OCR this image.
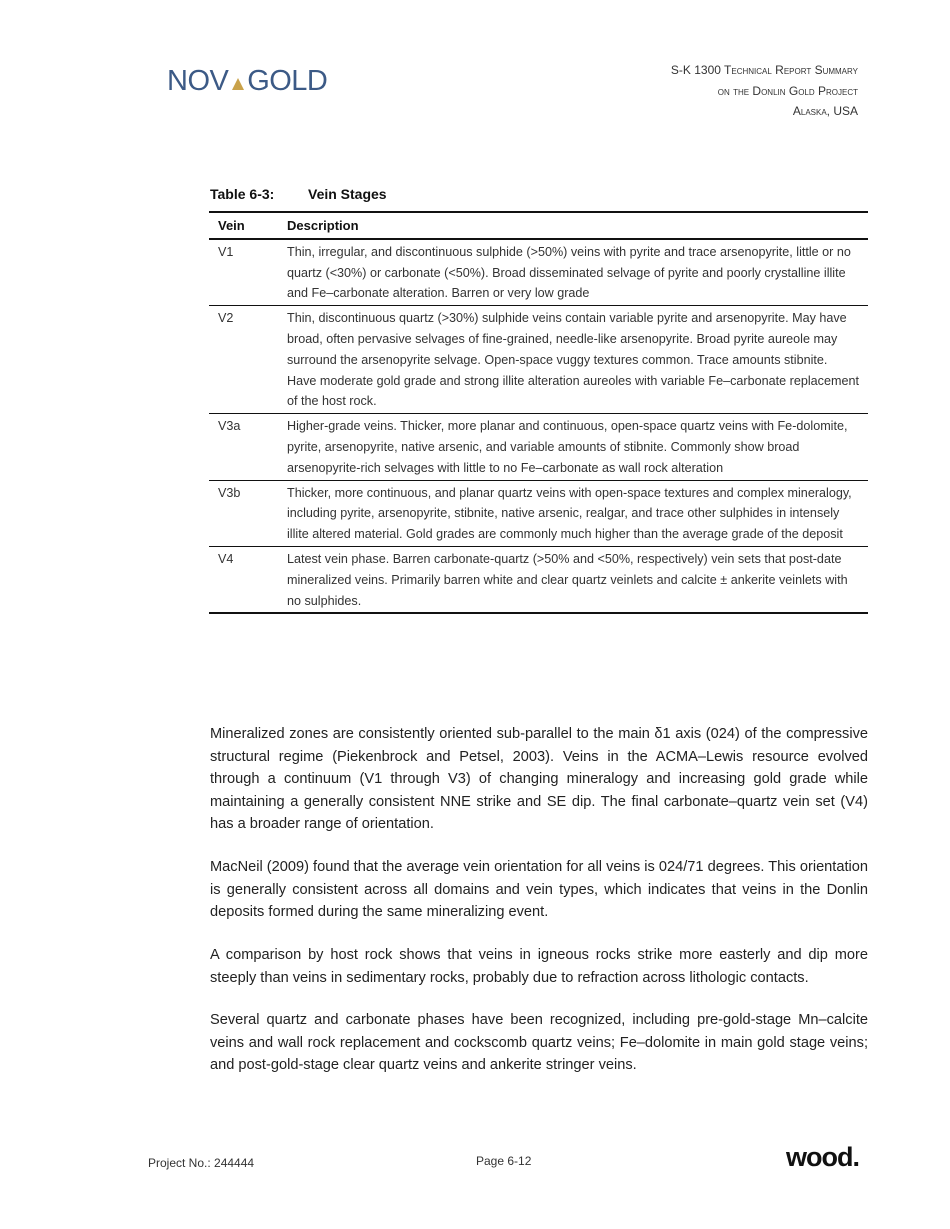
NOV GOLD	S-K 1300 Technical Report Summary
on the Donlin Gold Project
Alaska, USA
Table 6-3: Vein Stages
Vein	Description
V1	Thin, irregular, and discontinuous sulphide (>50%) veins with pyrite and trace arsenopyrite, little or no quartz (<30%) or carbonate (<50%). Broad disseminated selvage of pyrite and poorly crystalline illite and Fe–carbonate alteration. Barren or very low grade
V2	Thin, discontinuous quartz (>30%) sulphide veins contain variable pyrite and arsenopyrite. May have broad, often pervasive selvages of fine-grained, needle-like arsenopyrite. Broad pyrite aureole may surround the arsenopyrite selvage. Open-space vuggy textures common. Trace amounts stibnite. Have moderate gold grade and strong illite alteration aureoles with variable Fe–carbonate replacement of the host rock.
V3a	Higher-grade veins. Thicker, more planar and continuous, open-space quartz veins with Fe-dolomite, pyrite, arsenopyrite, native arsenic, and variable amounts of stibnite. Commonly show broad arsenopyrite-rich selvages with little to no Fe–carbonate as wall rock alteration
V3b	Thicker, more continuous, and planar quartz veins with open-space textures and complex mineralogy, including pyrite, arsenopyrite, stibnite, native arsenic, realgar, and trace other sulphides in intensely illite altered material. Gold grades are commonly much higher than the average grade of the deposit
V4	Latest vein phase. Barren carbonate-quartz (>50% and <50%, respectively) vein sets that post-date mineralized veins. Primarily barren white and clear quartz veinlets and calcite ± ankerite veinlets with no sulphides.

Mineralized zones are consistently oriented sub-parallel to the main δ1 axis (024) of the compressive structural regime (Piekenbrock and Petsel, 2003). Veins in the ACMA–Lewis resource evolved through a continuum (V1 through V3) of changing mineralogy and increasing gold grade while maintaining a generally consistent NNE strike and SE dip. The final carbonate–quartz vein set (V4) has a broader range of orientation.

MacNeil (2009) found that the average vein orientation for all veins is 024/71 degrees. This orientation is generally consistent across all domains and vein types, which indicates that veins in the Donlin deposits formed during the same mineralizing event.

A comparison by host rock shows that veins in igneous rocks strike more easterly and dip more steeply than veins in sedimentary rocks, probably due to refraction across lithologic contacts.

Several quartz and carbonate phases have been recognized, including pre-gold-stage Mn–calcite veins and wall rock replacement and cockscomb quartz veins; Fe–dolomite in main gold stage veins; and post-gold-stage clear quartz veins and ankerite stringer veins.

Project No.: 244444	Page 6-12	wood.
